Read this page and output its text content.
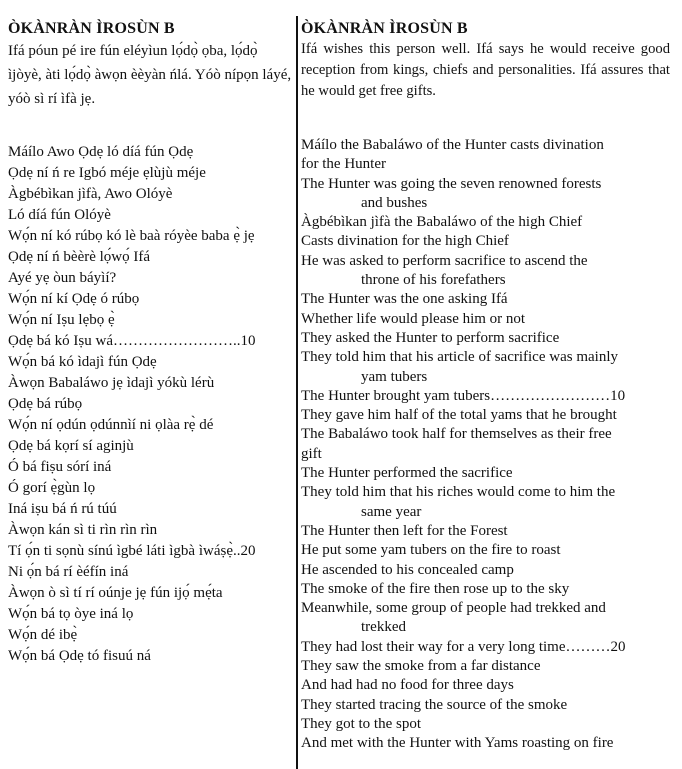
ÒKÀNRÀN ÌROSÙN B

Ifá póun pé ire fún eléyìun lọ́dọ̀ ọba, lọ́dọ̀ ìjòyè, àti lọ́dọ̀ àwọn èèyàn ńlá. Yóò nípọn láyé, yóò sì rí ìfà jẹ.

Máílo Awo Ọdẹ ló díá fún Ọdẹ
Ọdẹ ní ń re Igbó méje ẹlùjù méje
Àgbébìkan jìfà, Awo Olóyè
Ló díá fún Olóyè
Wọ́n ní kó rúbọ kó lè baà róyèe baba ẹ̀ jẹ
Ọdẹ ní ń bèèrè lọ́wọ́ Ifá
Ayé yẹ òun báyìí?
Wọ́n ní kí Ọdẹ ó rúbọ
Wọ́n ní Iṣu lẹbọ ẹ̀
Ọdẹ bá kó Iṣu wá……………………..10
Wọ́n bá kó ìdajì fún Ọdẹ
Àwọn Babaláwo jẹ ìdajì yókù lérù
Ọdẹ bá rúbọ
Wọ́n ní ọdún ọdúnnìí ni ọlàa rẹ̀ dé
Ọdẹ bá kọrí sí aginjù
Ó bá fiṣu sórí iná
Ó gorí ẹ̀gùn lọ
Iná iṣu bá ń rú túú
Àwọn kán sì ti rìn rìn rìn
Tí ọ́n ti sọnù sínú ìgbé láti ìgbà ìwáṣẹ̀..20
Ni ọ́n bá rí èéfín iná
Àwọn ò sì tí rí oúnje jẹ fún ijọ́ mẹ́ta
Wọ́n bá tọ òye iná lọ
Wọ́n dé ibẹ̀
Wọ́n bá Ọdẹ tó fisuú ná
ÒKÀNRÀN ÌROSÙN B

Ifá wishes this person well. Ifá says he would receive good reception from kings, chiefs and personalities. Ifá assures that he would get free gifts.

Máílo the Babaláwo of the Hunter casts divination
for the Hunter
The Hunter was going the seven renowned forests
and bushes
Àgbébìkan jìfà the Babaláwo of the high Chief
Casts divination for the high Chief
He was asked to perform sacrifice to ascend the
throne of his forefathers
The Hunter was the one asking Ifá
Whether life would please him or not
They asked the Hunter to perform sacrifice
They told him that his article of sacrifice was mainly
yam tubers
The Hunter brought yam tubers……………………10
They gave him half of the total yams that he brought
The Babaláwo took half for themselves as their free
gift
The Hunter performed the sacrifice
They told him that his riches would come to him the
same year
The Hunter then left for the Forest
He put some yam tubers on the fire to roast
He ascended to his concealed camp
The smoke of the fire then rose up to the sky
Meanwhile, some group of people had trekked and
trekked
They had lost their way for a very long time………20
They saw the smoke from a far distance
And had had no food for three days
They started tracing the source of the smoke
They got to the spot
And met with the Hunter with Yams roasting on fire
